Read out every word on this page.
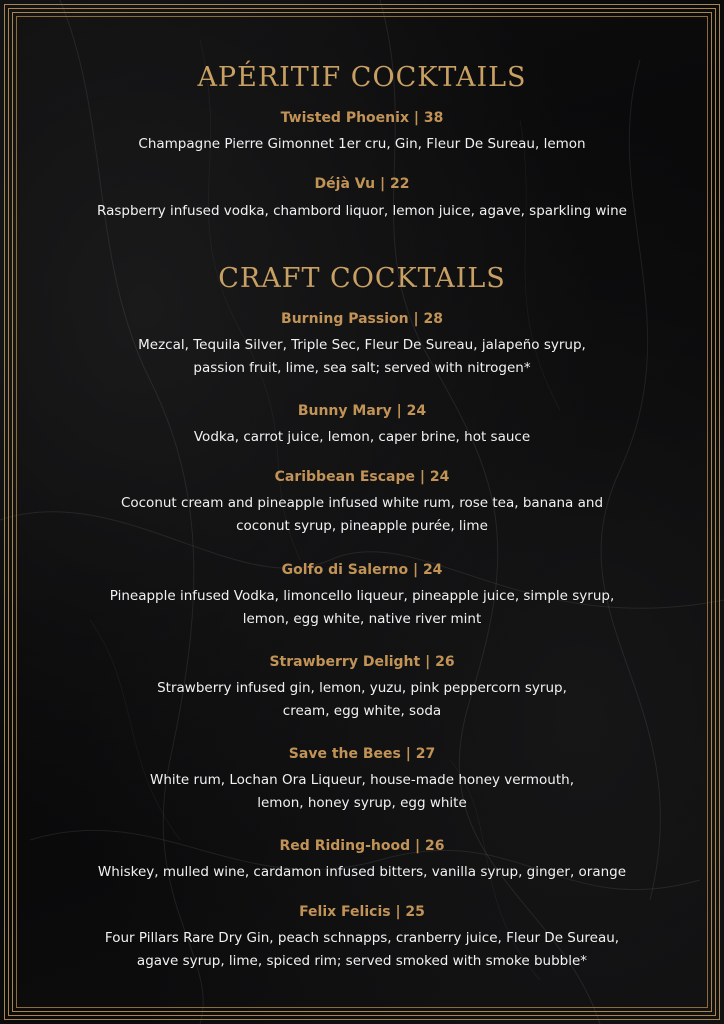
APÉRITIF COCKTAILS
Twisted Phoenix | 38
Champagne Pierre Gimonnet 1er cru, Gin, Fleur De Sureau, lemon
Déjà Vu | 22
Raspberry infused vodka, chambord liquor, lemon juice, agave, sparkling wine
CRAFT COCKTAILS
Burning Passion | 28
Mezcal, Tequila Silver, Triple Sec, Fleur De Sureau, jalapeño syrup,
passion fruit, lime, sea salt; served with nitrogen*
Bunny Mary | 24
Vodka, carrot juice, lemon, caper brine, hot sauce
Caribbean Escape | 24
Coconut cream and pineapple infused white rum, rose tea, banana and
coconut syrup, pineapple purée, lime
Golfo di Salerno | 24
Pineapple infused Vodka, limoncello liqueur, pineapple juice, simple syrup,
lemon, egg white, native river mint
Strawberry Delight | 26
Strawberry infused gin, lemon, yuzu, pink peppercorn syrup,
cream, egg white, soda
Save the Bees | 27
White rum, Lochan Ora Liqueur, house-made honey vermouth,
lemon, honey syrup, egg white
Red Riding-hood | 26
Whiskey, mulled wine, cardamon infused bitters, vanilla syrup, ginger, orange
Felix Felicis | 25
Four Pillars Rare Dry Gin, peach schnapps, cranberry juice, Fleur De Sureau,
agave syrup, lime, spiced rim; served smoked with smoke bubble*
